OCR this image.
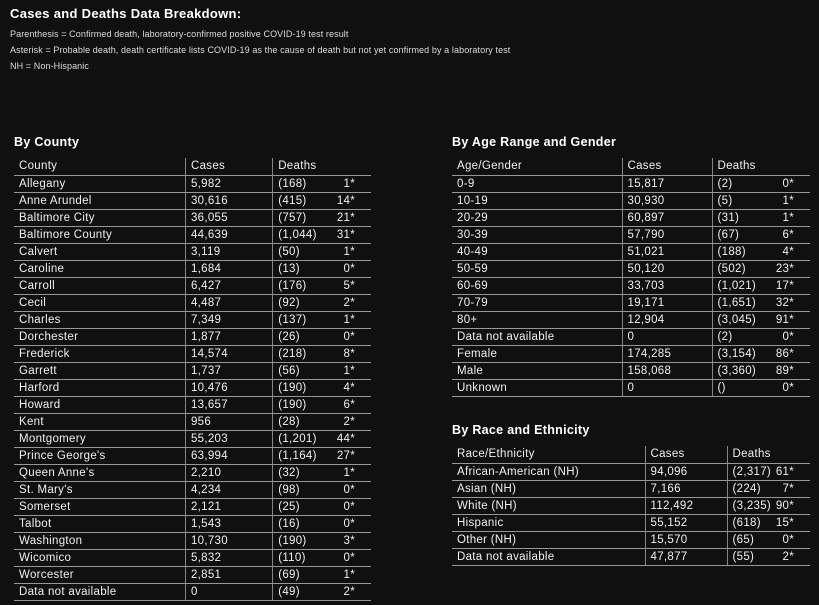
Cases and Deaths Data Breakdown:
Parenthesis = Confirmed death, laboratory-confirmed positive COVID-19 test result
Asterisk = Probable death, death certificate lists COVID-19 as the cause of death but not yet confirmed by a laboratory test
NH = Non-Hispanic
By County
County	Cases	Deaths
Allegany	5,982	(168) 1*

Anne Arundel	30,616	(415) 14*

Baltimore City	36,055	(757) 21*

Baltimore County	44,639	(1,044) 31*

Calvert	3,119	(50) 1*

Caroline	1,684	(13) 0*

Carroll	6,427	(176) 5*

Cecil	4,487	(92) 2*

Charles	7,349	(137) 1*

Dorchester	1,877	(26) 0*

Frederick	14,574	(218) 8*

Garrett	1,737	(56) 1*

Harford	10,476	(190) 4*

Howard	13,657	(190) 6*

Kent	956	(28) 2*

Montgomery	55,203	(1,201) 44*

Prince George's	63,994	(1,164) 27*

Queen Anne's	2,210	(32) 1*

St. Mary's	4,234	(98) 0*

Somerset	2,121	(25) 0*

Talbot	1,543	(16) 0*

Washington	10,730	(190) 3*

Wicomico	5,832	(110) 0*

Worcester	2,851	(69) 1*

Data not available	0	(49) 2*
By Age Range and Gender
Age/Gender	Cases	Deaths
0-9	15,817	(2) 0*

10-19	30,930	(5) 1*

20-29	60,897	(31) 1*

30-39	57,790	(67) 6*

40-49	51,021	(188) 4*

50-59	50,120	(502) 23*

60-69	33,703	(1,021) 17*

70-79	19,171	(1,651) 32*

80+	12,904	(3,045) 91*

Data not available	0	(2) 0*

Female	174,285	(3,154) 86*

Male	158,068	(3,360) 89*

Unknown	0	() 0*
By Race and Ethnicity
Race/Ethnicity	Cases	Deaths
African-American (NH)	94,096	(2,317) 61*

Asian (NH)	7,166	(224) 7*

White (NH)	112,492	(3,235) 90*

Hispanic	55,152	(618) 15*

Other (NH)	15,570	(65) 0*

Data not available	47,877	(55) 2*
